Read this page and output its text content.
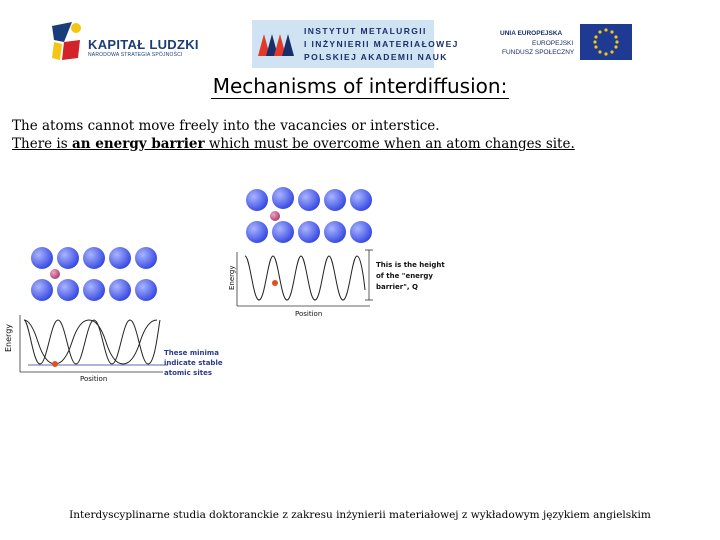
KAPITAŁ LUDZKI
NARODOWA STRATEGIA SPÓJNOŚCI
INSTYTUT METALURGII
I INŻYNIERII MATERIAŁOWEJ
POLSKIEJ AKADEMII NAUK
UNIA EUROPEJSKA
EUROPEJSKI
FUNDUSZ SPOŁECZNY
Mechanisms of interdiffusion:
The atoms cannot move freely into the vacancies or interstice.
There is an energy barrier which must be overcome when an atom changes site.
Energy
Position
These minima
indicate stable
atomic sites
Energy
Position
This is the height
of the "energy
barrier", Q
Interdyscyplinarne studia doktoranckie z zakresu inżynierii materiałowej z wykładowym językiem angielskim
